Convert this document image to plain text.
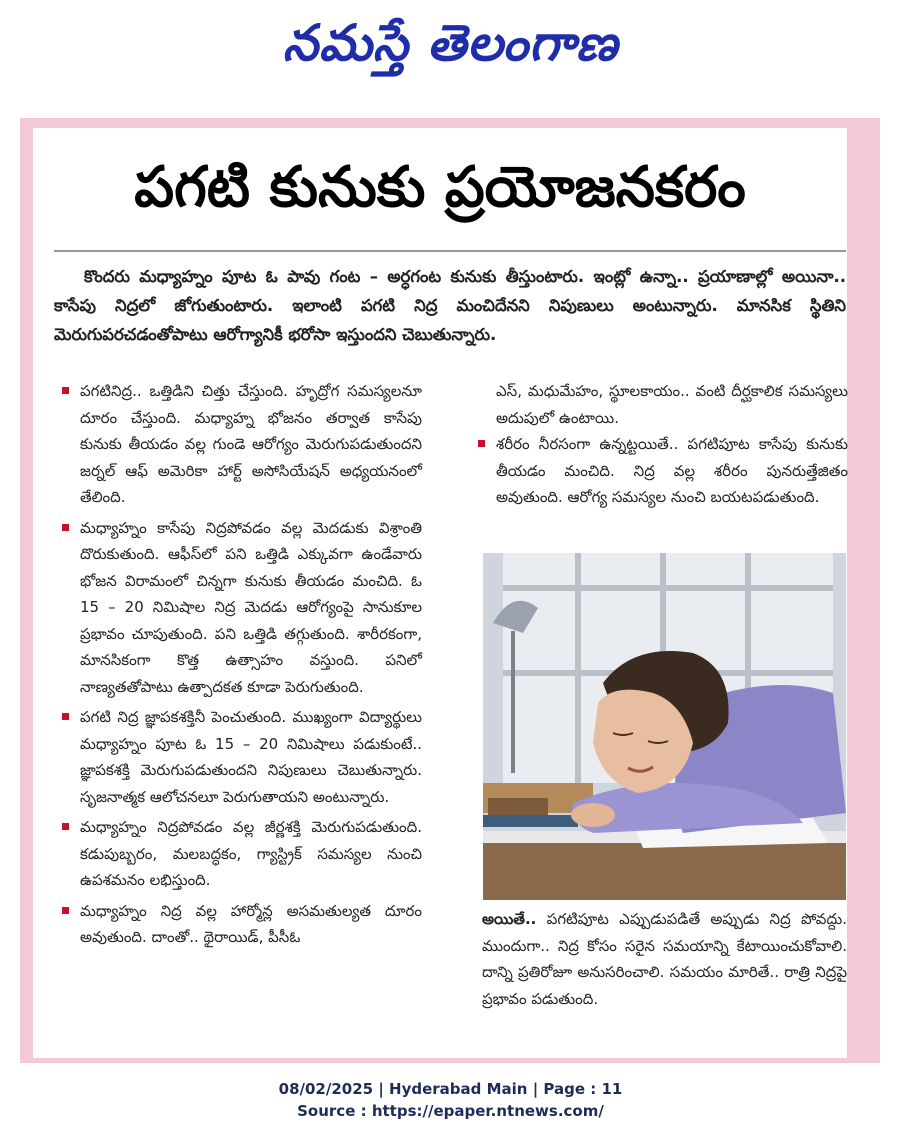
నమస్తే తెలంగాణ
పగటి కునుకు ప్రయోజనకరం
కొందరు మధ్యాహ్నం పూట ఓ పావు గంట – అర్ధగంట కునుకు తీస్తుంటారు. ఇంట్లో ఉన్నా.. ప్రయాణాల్లో అయినా.. కాసేపు నిద్రలో జోగుతుంటారు. ఇలాంటి పగటి నిద్ర మంచిదేనని నిపుణులు అంటున్నారు. మానసిక స్థితిని మెరుగుపరచడంతోపాటు ఆరోగ్యానికీ భరోసా ఇస్తుందని చెబుతున్నారు.
పగటినిద్ర.. ఒత్తిడిని చిత్తు చేస్తుంది. హృద్రోగ సమస్యలనూ దూరం చేస్తుంది. మధ్యాహ్న భోజనం తర్వాత కాసేపు కునుకు తీయడం వల్ల గుండె ఆరోగ్యం మెరుగుపడుతుందని జర్నల్ ఆఫ్ అమెరికా హార్ట్ అసోసియేషన్ అధ్యయనంలో తేలింది.
మధ్యాహ్నం కాసేపు నిద్రపోవడం వల్ల మెదడుకు విశ్రాంతి దొరుకుతుంది. ఆఫీస్‌లో పని ఒత్తిడి ఎక్కువగా ఉండేవారు భోజన విరామంలో చిన్నగా కునుకు తీయడం మంచిది. ఓ 15 – 20 నిమిషాల నిద్ర మెదడు ఆరోగ్యంపై సానుకూల ప్రభావం చూపుతుంది. పని ఒత్తిడి తగ్గుతుంది. శారీరకంగా, మానసికంగా కొత్త ఉత్సాహం వస్తుంది. పనిలో నాణ్యతతోపాటు ఉత్పాదకత కూడా పెరుగుతుంది.
పగటి నిద్ర జ్ఞాపకశక్తినీ పెంచుతుంది. ముఖ్యంగా విద్యార్థులు మధ్యాహ్నం పూట ఓ 15 – 20 నిమిషాలు పడుకుంటే.. జ్ఞాపకశక్తి మెరుగుపడుతుందని నిపుణులు చెబుతున్నారు. సృజనాత్మక ఆలోచనలూ పెరుగుతాయని అంటున్నారు.
మధ్యాహ్నం నిద్రపోవడం వల్ల జీర్ణశక్తి మెరుగుపడుతుంది. కడుపుబ్బరం, మలబద్ధకం, గ్యాస్ట్రిక్ సమస్యల నుంచి ఉపశమనం లభిస్తుంది.
మధ్యాహ్నం నిద్ర వల్ల హార్మోన్ల అసమతుల్యత దూరం అవుతుంది. దాంతో.. థైరాయిడ్, పీసీఓ

ఎస్, మధుమేహం, స్థూలకాయం.. వంటి దీర్ఘకాలిక సమస్యలు అదుపులో ఉంటాయి.

శరీరం నీరసంగా ఉన్నట్టయితే.. పగటిపూట కాసేపు కునుకు తీయడం మంచిది. నిద్ర వల్ల శరీరం పునరుత్తేజితం అవుతుంది. ఆరోగ్య సమస్యల నుంచి బయటపడుతుంది.

అయితే.. పగటిపూట ఎప్పుడుపడితే అప్పుడు నిద్ర పోవద్దు. ముందుగా.. నిద్ర కోసం సరైన సమయాన్ని కేటాయించుకోవాలి. దాన్ని ప్రతిరోజూ అనుసరించాలి. సమయం మారితే.. రాత్రి నిద్రపై ప్రభావం పడుతుంది.

08/02/2025 | Hyderabad Main | Page : 11
Source : https://epaper.ntnews.com/
